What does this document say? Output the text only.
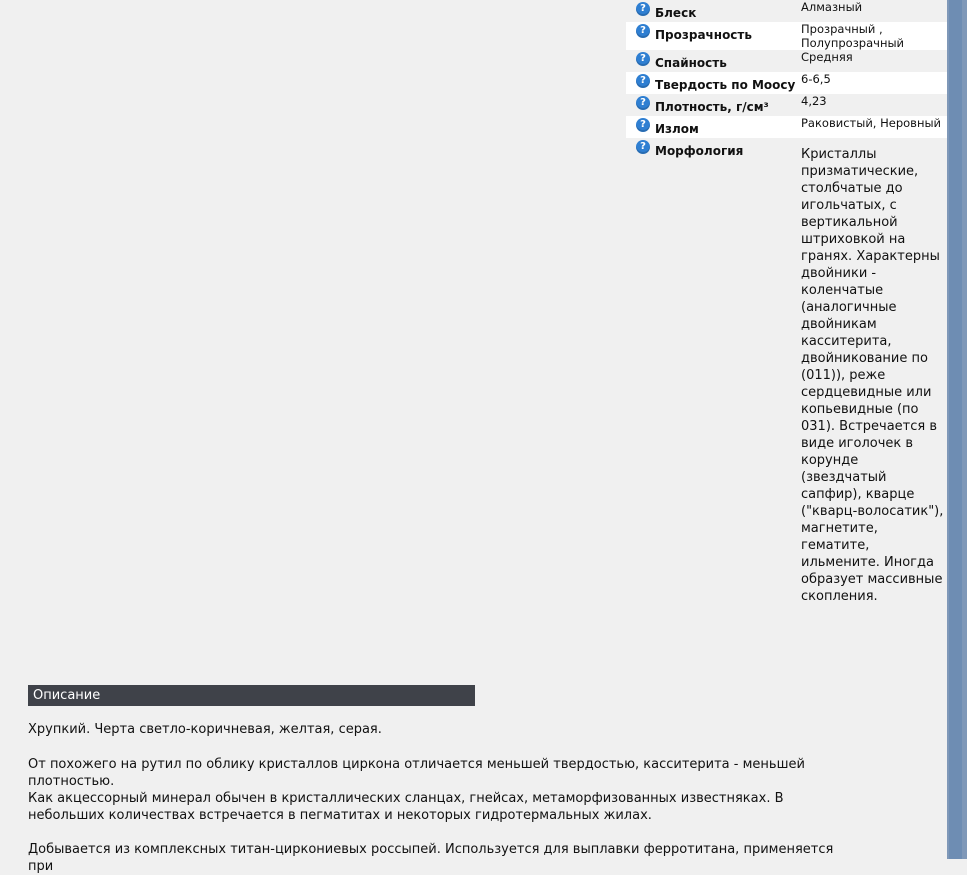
? Блеск	Алмазный

? Прозрачность	Прозрачный , Полупрозрачный

? Спайность	Средняя

? Твердость по Моосу	6-6,5

? Плотность, г/см³	4,23

? Излом	Раковистый, Неровный

? Морфология	Кристаллы призматические, столбчатые до игольчатых, с вертикальной штриховкой на гранях. Характерны двойники - коленчатые (аналогичные двойникам касситерита, двойникование по (011)), реже сердцевидные или копьевидные (по 031). Встречается в виде иголочек в корунде (звездчатый сапфир), кварце ("кварц-волосатик"), магнетите, гематите, ильмените. Иногда образует массивные скопления.
Описание

Хрупкий. Черта светло-коричневая, желтая, серая.

От похожего на рутил по облику кристаллов циркона отличается меньшей твердостью, касситерита - меньшей плотностью.

Как акцессорный минерал обычен в кристаллических сланцах, гнейсах, метаморфизованных известняках. В небольших количествах встречается в пегматитах и некоторых гидротермальных жилах.

Добывается из комплексных титан-циркониевых россыпей. Используется для выплавки ферротитана, применяется при
